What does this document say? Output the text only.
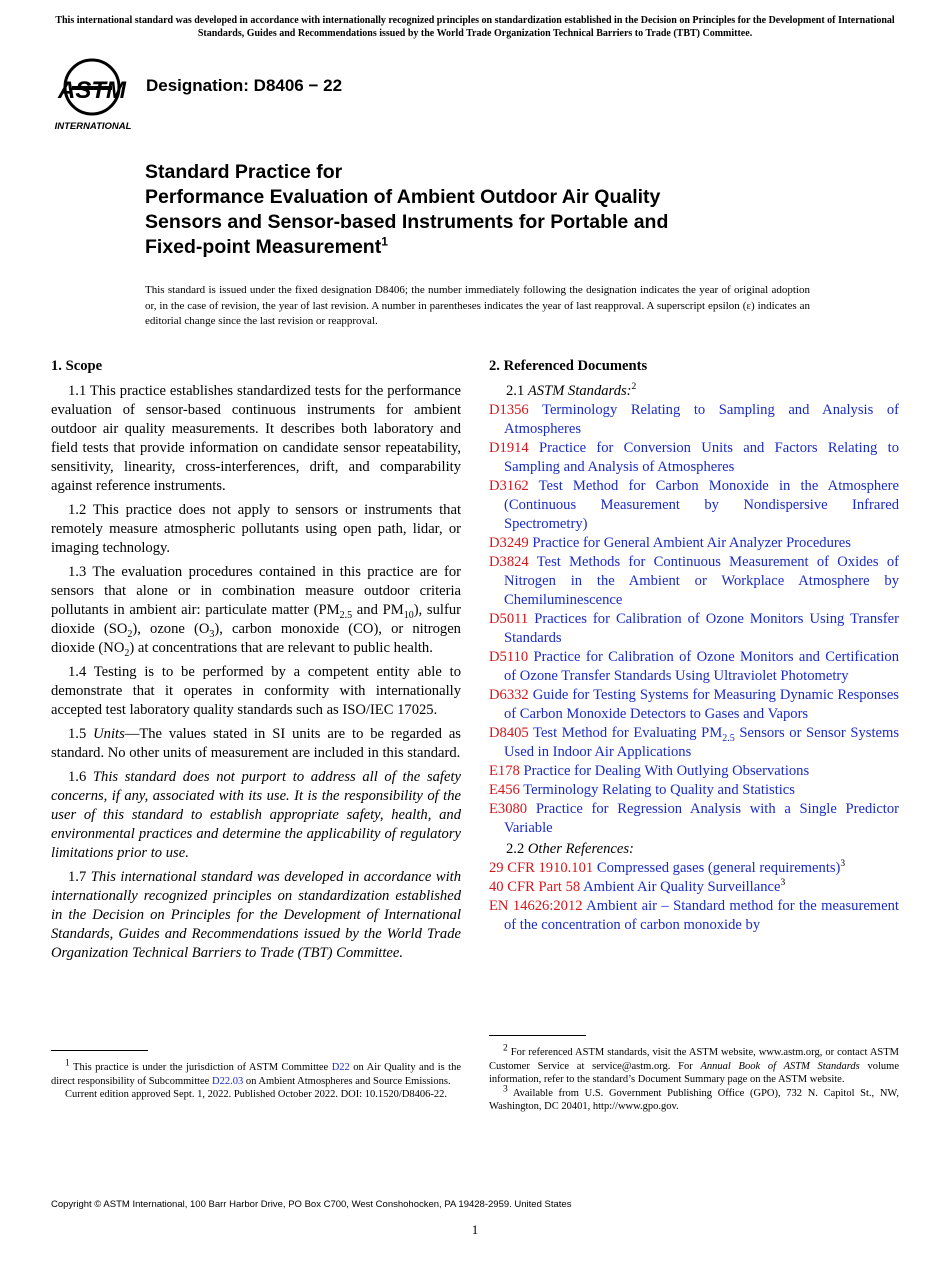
This international standard was developed in accordance with internationally recognized principles on standardization established in the Decision on Principles for the Development of International Standards, Guides and Recommendations issued by the World Trade Organization Technical Barriers to Trade (TBT) Committee.
ASTM
INTERNATIONAL
Designation: D8406 − 22
Standard Practice for
Performance Evaluation of Ambient Outdoor Air Quality
Sensors and Sensor-based Instruments for Portable and
Fixed-point Measurement$^1$
This standard is issued under the fixed designation D8406; the number immediately following the designation indicates the year of original adoption or, in the case of revision, the year of last revision. A number in parentheses indicates the year of last reapproval. A superscript epsilon (ε) indicates an editorial change since the last revision or reapproval.
1. Scope

1.1 This practice establishes standardized tests for the performance evaluation of sensor-based continuous instruments for ambient outdoor air quality measurements. It describes both laboratory and field tests that provide information on candidate sensor repeatability, sensitivity, linearity, cross-interferences, drift, and comparability against reference instruments.

1.2 This practice does not apply to sensors or instruments that remotely measure atmospheric pollutants using open path, lidar, or imaging technology.

1.3 The evaluation procedures contained in this practice are for sensors that alone or in combination measure outdoor criteria pollutants in ambient air: particulate matter ($PM_{2.5}$ and $PM_{10}$), sulfur dioxide $(SO_2)$, ozone $(O_3)$, carbon monoxide (CO), or nitrogen dioxide $(NO_2)$ at concentrations that are relevant to public health.

1.4 Testing is to be performed by a competent entity able to demonstrate that it operates in conformity with internationally accepted test laboratory quality standards such as ISO/IEC 17025.

1.5 Units—The values stated in SI units are to be regarded as standard. No other units of measurement are included in this standard.

1.6 This standard does not purport to address all of the safety concerns, if any, associated with its use. It is the responsibility of the user of this standard to establish appropriate safety, health, and environmental practices and determine the applicability of regulatory limitations prior to use.

1.7 This international standard was developed in accordance with internationally recognized principles on standardization established in the Decision on Principles for the Development of International Standards, Guides and Recommendations issued by the World Trade Organization Technical Barriers to Trade (TBT) Committee.

2. Referenced Documents
2.1 ASTM Standards:$^2$

D1356 Terminology Relating to Sampling and Analysis of Atmospheres

D1914 Practice for Conversion Units and Factors Relating to Sampling and Analysis of Atmospheres

D3162 Test Method for Carbon Monoxide in the Atmosphere (Continuous Measurement by Nondispersive Infrared Spectrometry)

D3249 Practice for General Ambient Air Analyzer Procedures

D3824 Test Methods for Continuous Measurement of Oxides of Nitrogen in the Ambient or Workplace Atmosphere by Chemiluminescence

D5011 Practices for Calibration of Ozone Monitors Using Transfer Standards

D5110 Practice for Calibration of Ozone Monitors and Certification of Ozone Transfer Standards Using Ultraviolet Photometry

D6332 Guide for Testing Systems for Measuring Dynamic Responses of Carbon Monoxide Detectors to Gases and Vapors

D8405 Test Method for Evaluating $PM_{2.5}$ Sensors or Sensor Systems Used in Indoor Air Applications

E178 Practice for Dealing With Outlying Observations

E456 Terminology Relating to Quality and Statistics

E3080 Practice for Regression Analysis with a Single Predictor Variable

2.2 Other References:

29 CFR 1910.101 Compressed gases (general requirements)$^3$

40 CFR Part 58 Ambient Air Quality Surveillance$^3$

EN 14626:2012 Ambient air – Standard method for the measurement of the concentration of carbon monoxide by

$^1$ This practice is under the jurisdiction of ASTM Committee D22 on Air Quality and is the direct responsibility of Subcommittee D22.03 on Ambient Atmospheres and Source Emissions.

Current edition approved Sept. 1, 2022. Published October 2022. DOI: 10.1520/D8406-22.

$^2$ For referenced ASTM standards, visit the ASTM website, www.astm.org, or contact ASTM Customer Service at service@astm.org. For Annual Book of ASTM Standards volume information, refer to the standard’s Document Summary page on the ASTM website.

$^3$ Available from U.S. Government Publishing Office (GPO), 732 N. Capitol St., NW, Washington, DC 20401, http://www.gpo.gov.

Copyright © ASTM International, 100 Barr Harbor Drive, PO Box C700, West Conshohocken, PA 19428-2959. United States
1
